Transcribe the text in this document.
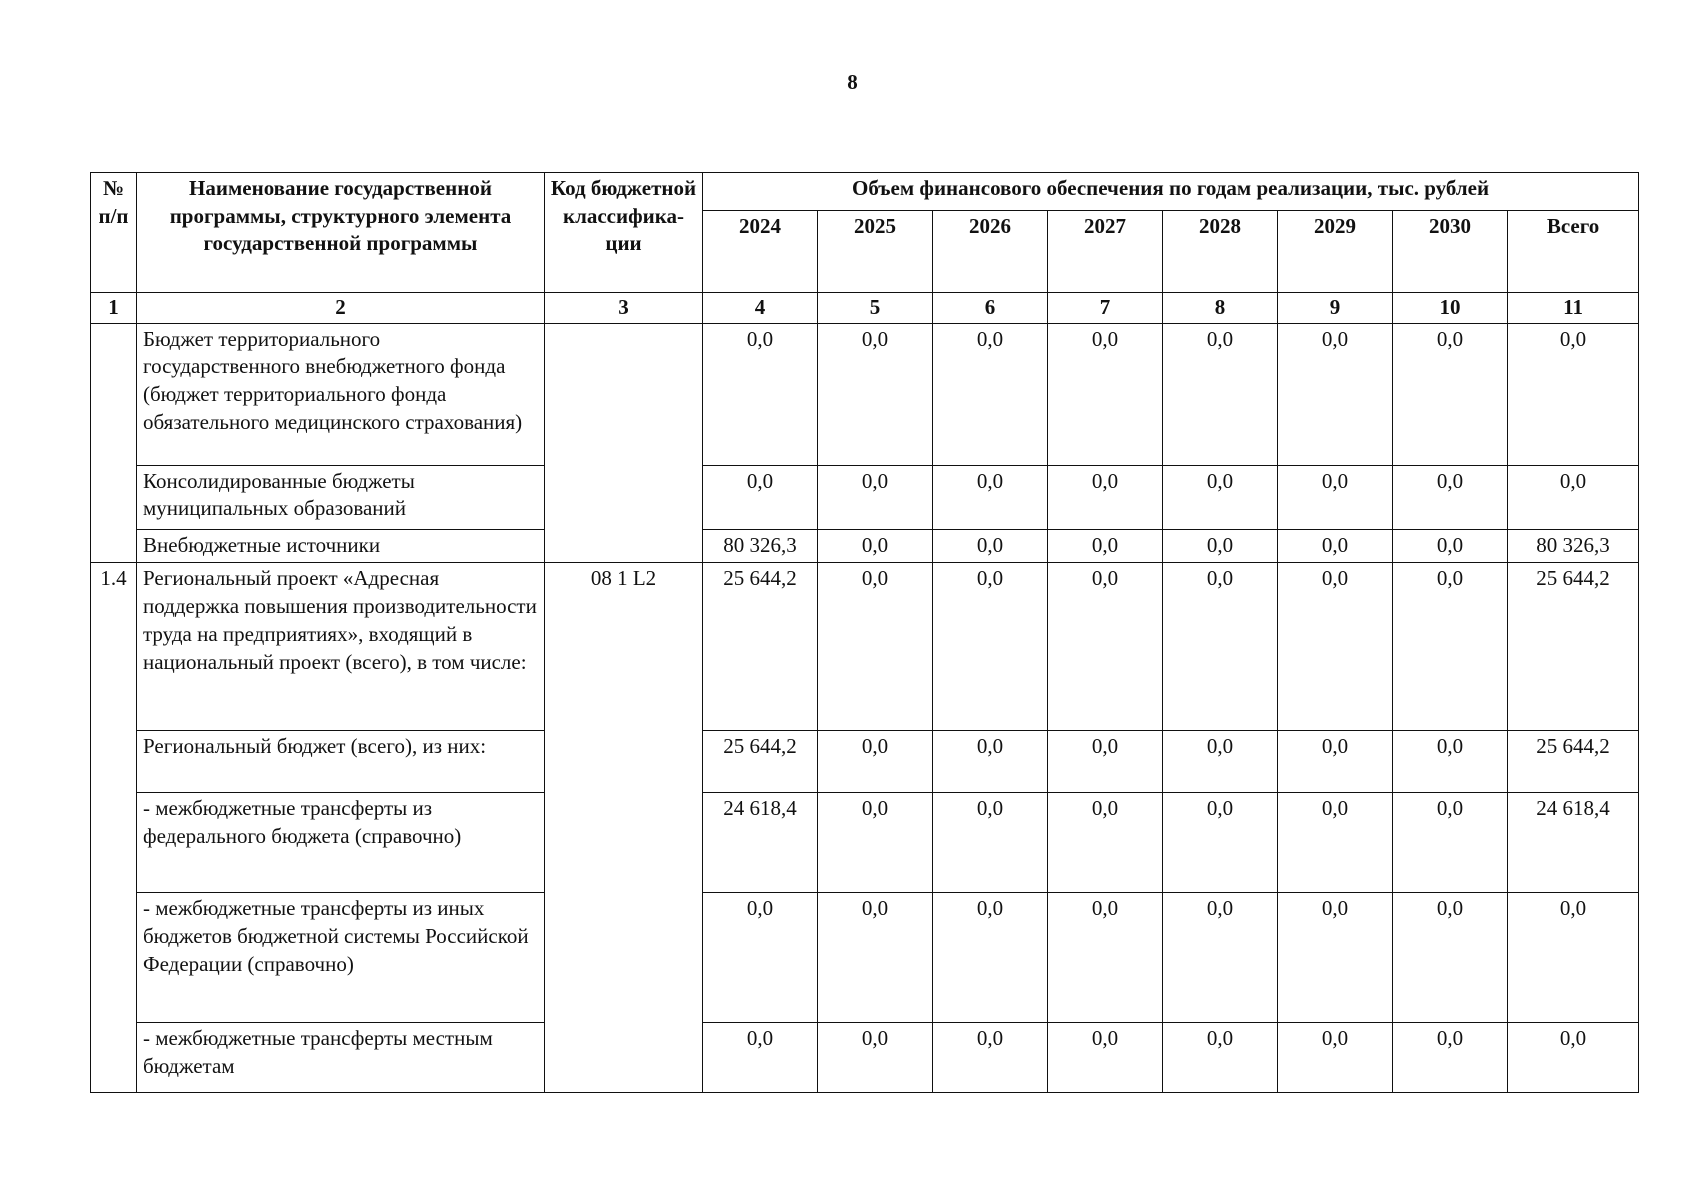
8
№ п/п	Наименование государственной программы, структурного элемента государственной программы	Код бюджетной классифика-ции	Объем финансового обеспечения по годам реализации, тыс. рублей							
			2024	2025	2026	2027	2028	2029	2030	Всего
1	2	3	4	5	6	7	8	9	10	11
	Бюджет территориального государственного внебюджетного фонда (бюджет территориального фонда обязательного медицинского страхования)		0,0	0,0	0,0	0,0	0,0	0,0	0,0	0,0
	Консолидированные бюджеты муниципальных образований		0,0	0,0	0,0	0,0	0,0	0,0	0,0	0,0
	Внебюджетные источники		80 326,3	0,0	0,0	0,0	0,0	0,0	0,0	80 326,3
1.4	Региональный проект «Адресная поддержка повышения производительности труда на предприятиях», входящий в национальный проект (всего), в том числе:	08 1 L2	25 644,2	0,0	0,0	0,0	0,0	0,0	0,0	25 644,2
	Региональный бюджет (всего), из них:		25 644,2	0,0	0,0	0,0	0,0	0,0	0,0	25 644,2
	- межбюджетные трансферты из федерального бюджета (справочно)		24 618,4	0,0	0,0	0,0	0,0	0,0	0,0	24 618,4
	- межбюджетные трансферты из иных бюджетов бюджетной системы Российской Федерации (справочно)		0,0	0,0	0,0	0,0	0,0	0,0	0,0	0,0
	- межбюджетные трансферты местным бюджетам		0,0	0,0	0,0	0,0	0,0	0,0	0,0	0,0
